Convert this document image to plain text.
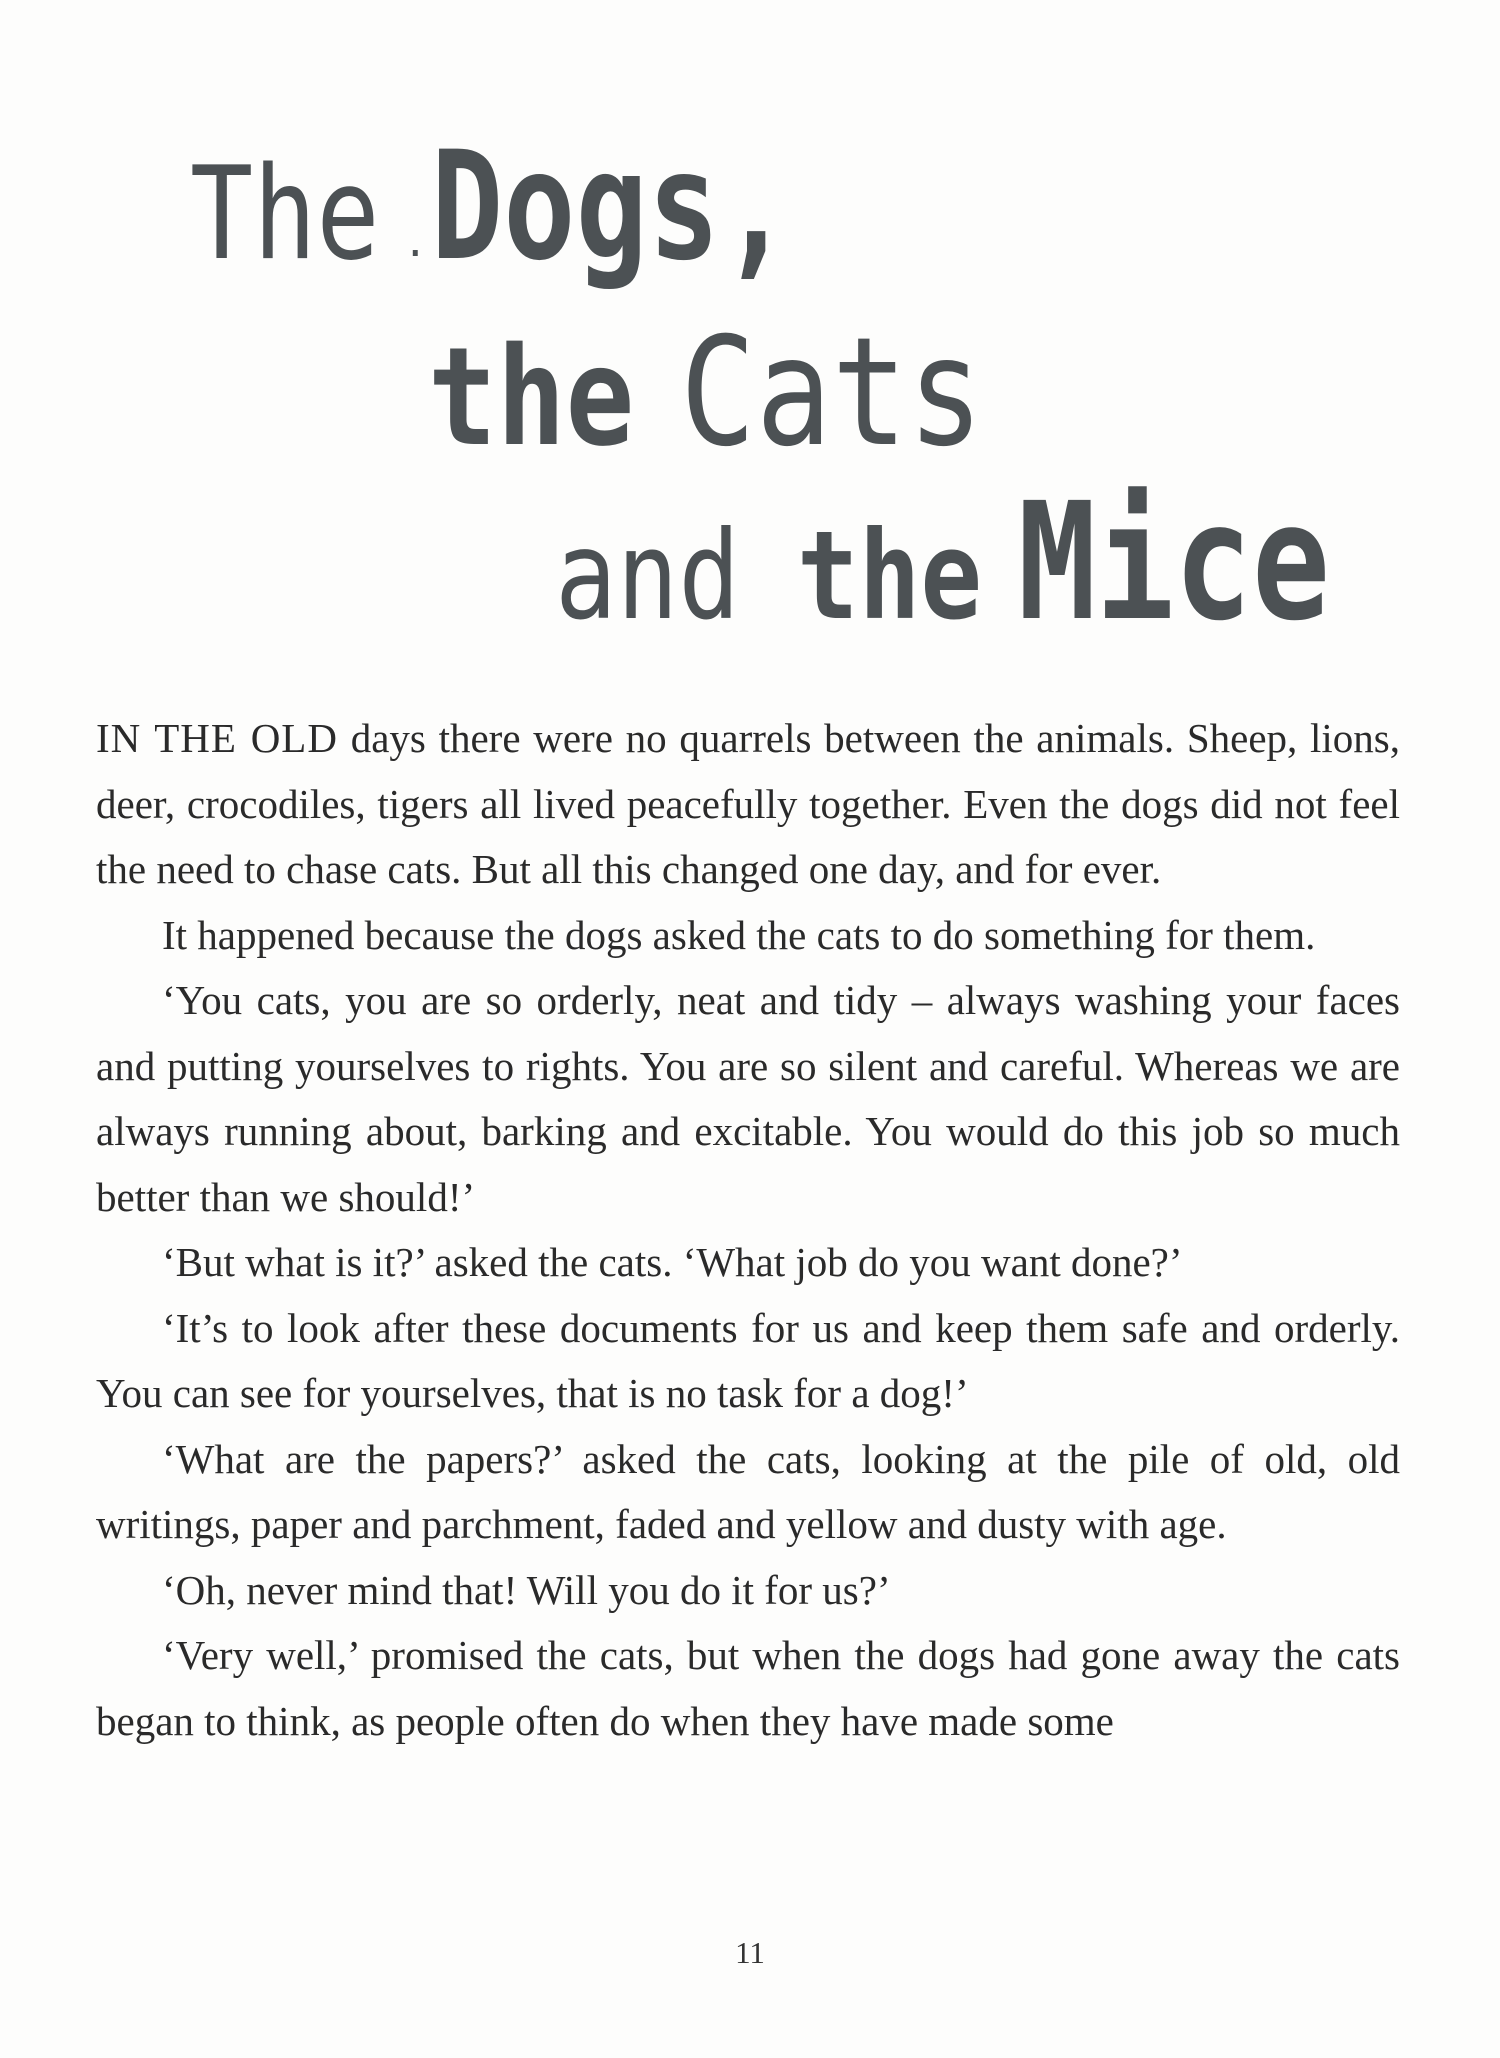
The ·Dogs,
the Cats
and the Mice

IN THE OLD days there were no quarrels between the animals. Sheep, lions, deer, crocodiles, tigers all lived peacefully together. Even the dogs did not feel the need to chase cats. But all this changed one day, and for ever.

It happened because the dogs asked the cats to do something for them.

‘You cats, you are so orderly, neat and tidy – always washing your faces and putting yourselves to rights. You are so silent and careful. Whereas we are always running about, barking and excitable. You would do this job so much better than we should!’

‘But what is it?’ asked the cats. ‘What job do you want done?’

‘It’s to look after these documents for us and keep them safe and orderly. You can see for yourselves, that is no task for a dog!’

‘What are the papers?’ asked the cats, looking at the pile of old, old writings, paper and parchment, faded and yellow and dusty with age.

‘Oh, never mind that! Will you do it for us?’

‘Very well,’ promised the cats, but when the dogs had gone away the cats began to think, as people often do when they have made some

11
